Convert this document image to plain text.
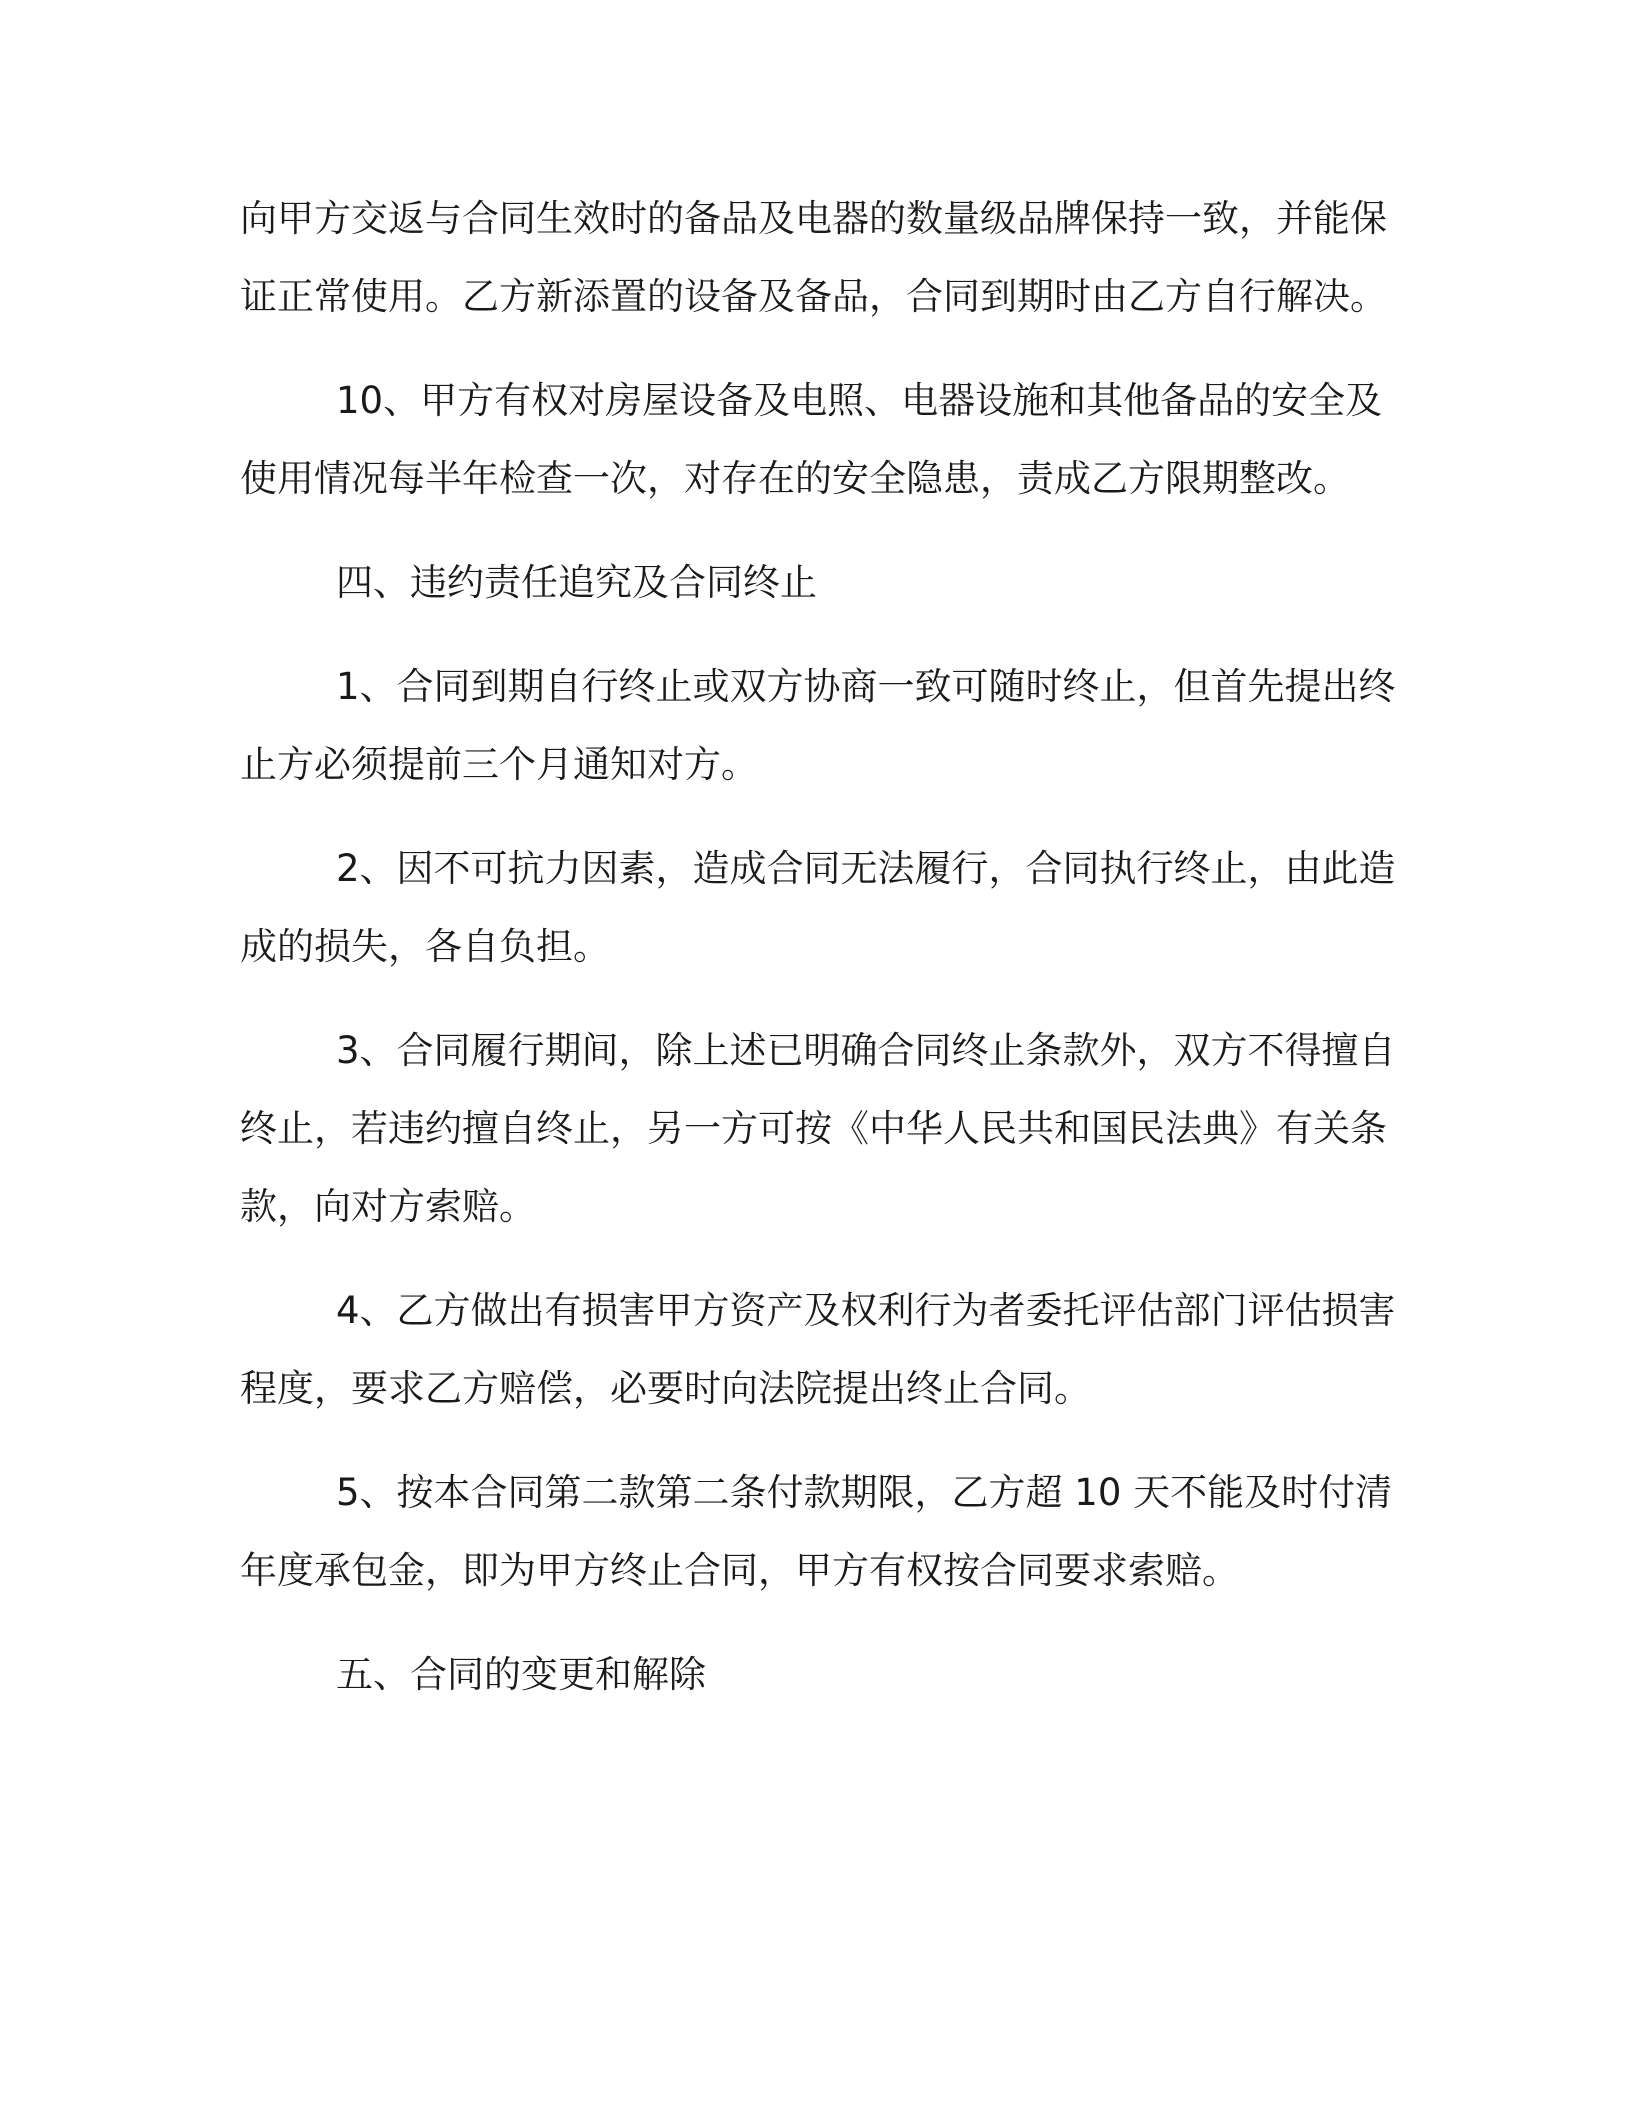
向甲方交返与合同生效时的备品及电器的数量级品牌保持一致，并能保证正常使用。乙方新添置的设备及备品，合同到期时由乙方自行解决。

10、甲方有权对房屋设备及电照、电器设施和其他备品的安全及使用情况每半年检查一次，对存在的安全隐患，责成乙方限期整改。

四、违约责任追究及合同终止

1、合同到期自行终止或双方协商一致可随时终止，但首先提出终止方必须提前三个月通知对方。

2、因不可抗力因素，造成合同无法履行，合同执行终止，由此造成的损失，各自负担。

3、合同履行期间，除上述已明确合同终止条款外，双方不得擅自终止，若违约擅自终止，另一方可按《中华人民共和国民法典》有关条款，向对方索赔。

4、乙方做出有损害甲方资产及权利行为者委托评估部门评估损害程度，要求乙方赔偿，必要时向法院提出终止合同。

5、按本合同第二款第二条付款期限，乙方超 10 天不能及时付清年度承包金，即为甲方终止合同，甲方有权按合同要求索赔。

五、合同的变更和解除
